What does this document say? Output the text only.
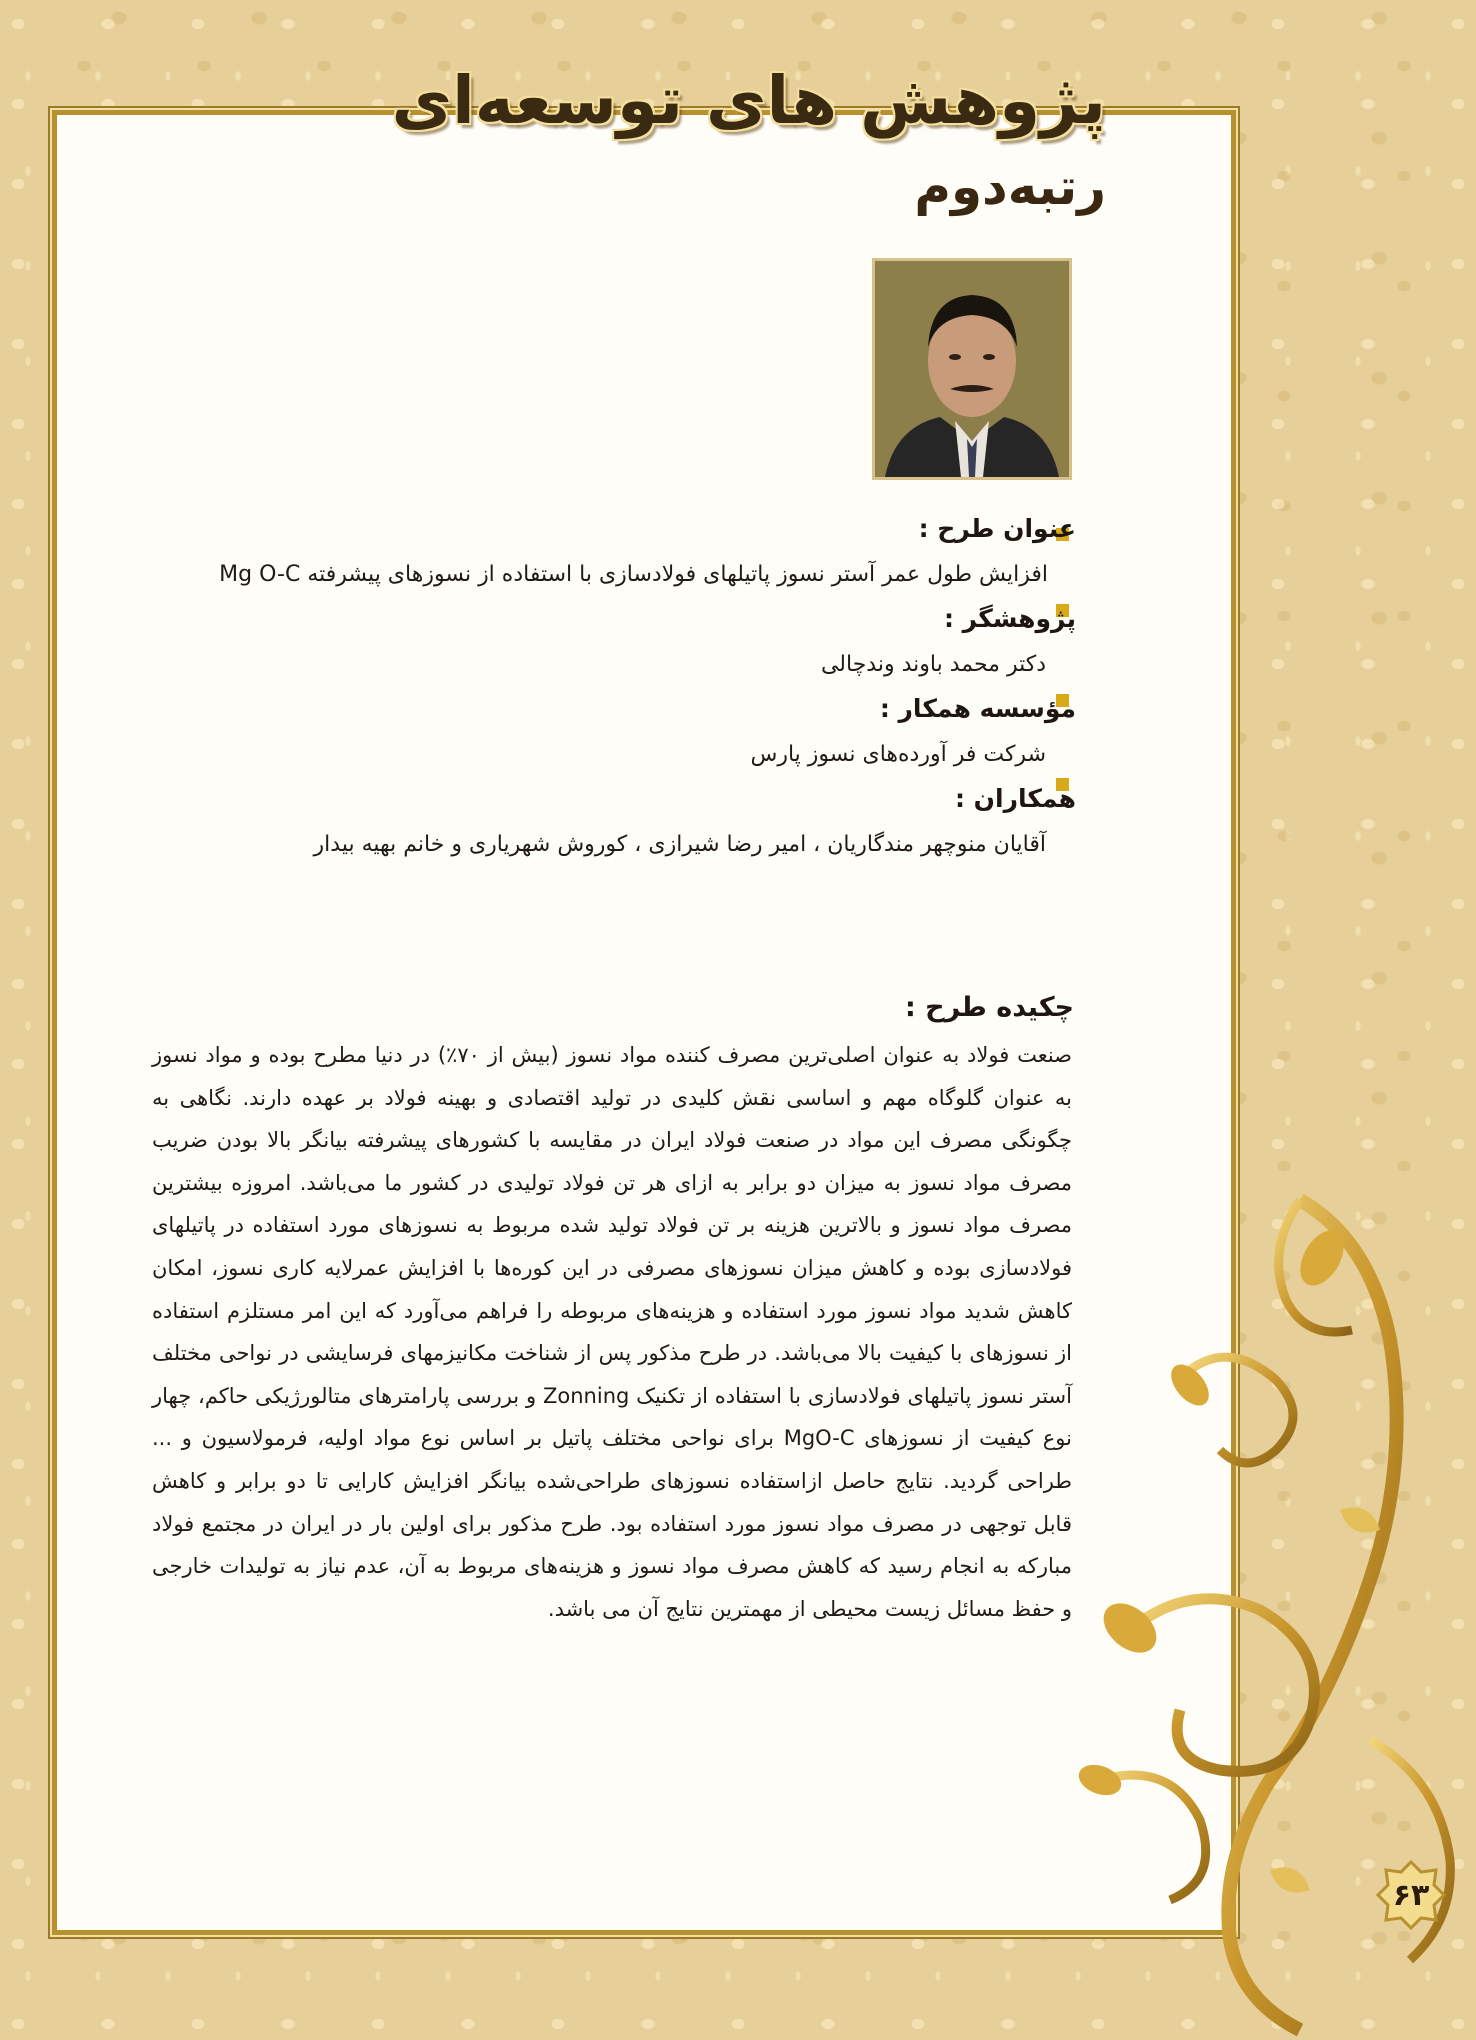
پژوهش های توسعه‌ای
رتبه‌دوم
عنوان طرح :
افزایش طول عمر آستر نسوز پاتیلهای فولادسازی با استفاده از نسوزهای پیشرفته Mg O-C
پژوهشگر :
دکتر محمد باوند وندچالی
مؤسسه همکار :
شرکت فر آورده‌های نسوز پارس
همکاران :
آقایان منوچهر مندگاریان ، امیر رضا شیرازی ، کوروش شهریاری و خانم بهیه بیدار
چکیده طرح :
صنعت فولاد به عنوان اصلی‌ترین مصرف کننده مواد نسوز (بیش از ۷۰٪) در دنیا مطرح بوده و مواد نسوز به عنوان گلوگاه مهم و اساسی نقش کلیدی در تولید اقتصادی و بهینه فولاد بر عهده دارند. نگاهی به چگونگی مصرف این مواد در صنعت فولاد ایران در مقایسه با کشورهای پیشرفته بیانگر بالا بودن ضریب مصرف مواد نسوز به میزان دو برابر به ازای هر تن فولاد تولیدی در کشور ما می‌باشد. امروزه بیشترین مصرف مواد نسوز و بالاترین هزینه بر تن فولاد تولید شده مربوط به نسوزهای مورد استفاده در پاتیلهای فولادسازی بوده و کاهش میزان نسوزهای مصرفی در این کوره‌ها با افزایش عمرلایه کاری نسوز، امکان کاهش شدید مواد نسوز مورد استفاده و هزینه‌های مربوطه را فراهم می‌آورد که این امر مستلزم استفاده از نسوزهای با کیفیت بالا می‌باشد. در طرح مذکور پس از شناخت مکانیزمهای فرسایشی در نواحی مختلف آستر نسوز پاتیلهای فولادسازی با استفاده از تکنیک Zonning و بررسی پارامترهای متالورژیکی حاکم، چهار نوع کیفیت از نسوزهای MgO-C برای نواحی مختلف پاتیل بر اساس نوع مواد اولیه، فرمولاسیون و ... طراحی گردید. نتایج حاصل ازاستفاده نسوزهای طراحی‌شده بیانگر افزایش کارایی تا دو برابر و کاهش قابل توجهی در مصرف مواد نسوز مورد استفاده بود. طرح مذکور برای اولین بار در ایران در مجتمع فولاد مبارکه به انجام رسید که کاهش مصرف مواد نسوز و هزینه‌های مربوط به آن، عدم نیاز به تولیدات خارجی و حفظ مسائل زیست محیطی از مهمترین نتایج آن می باشد.
۶۳
